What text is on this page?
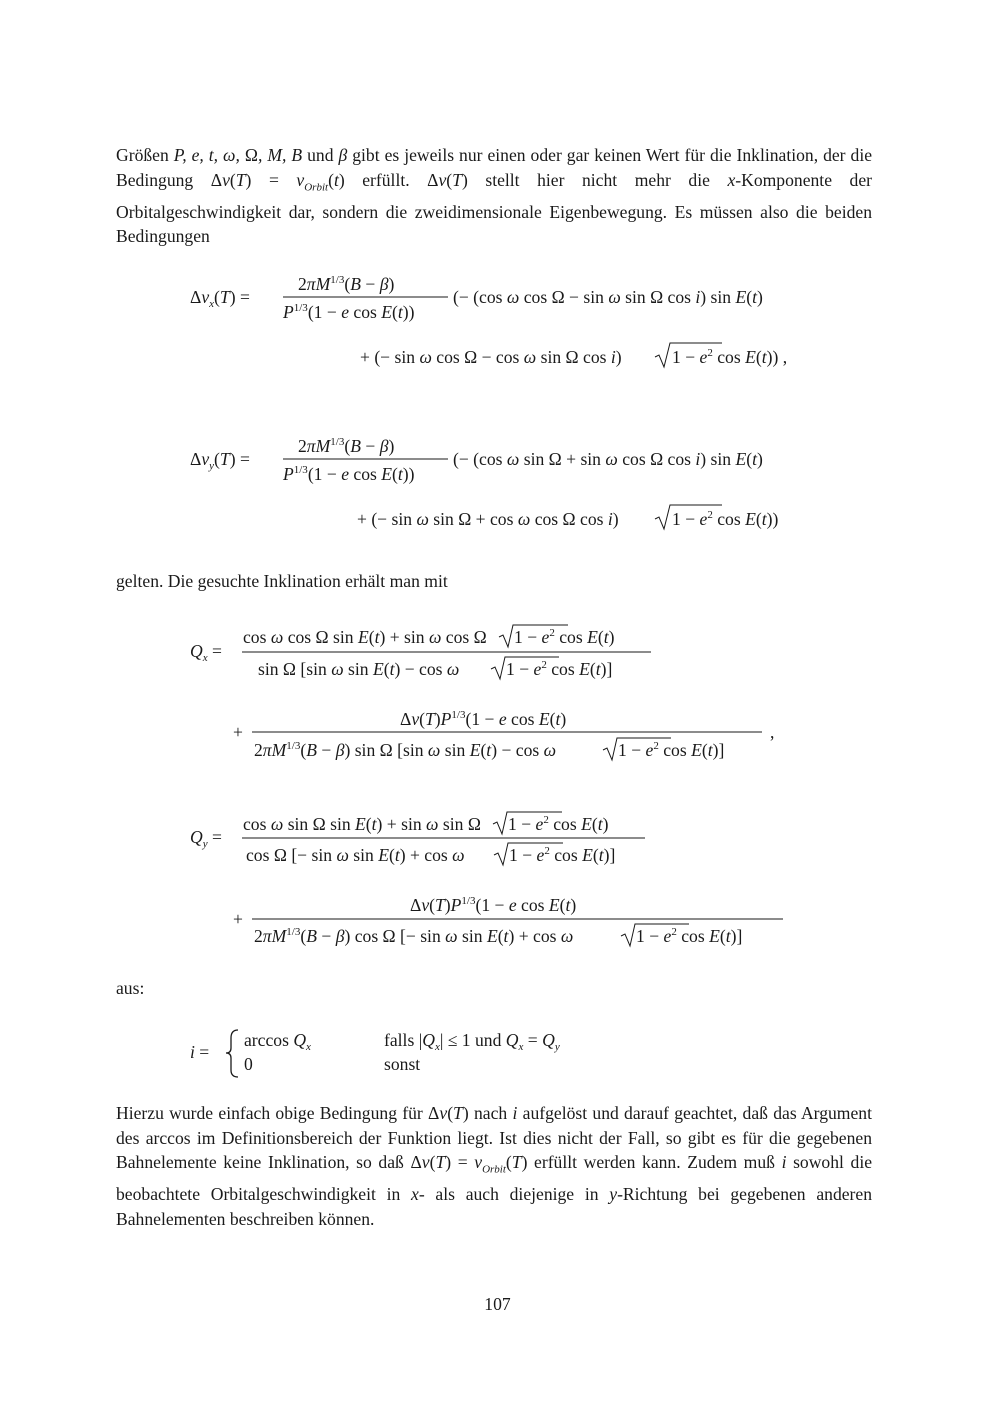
Größen P, e, t, ω, Ω, M, B und β gibt es jeweils nur einen oder gar keinen Wert für die Inklination, der die Bedingung $\Delta v(T) = v_{Orbit}(t)$ erfüllt. Δv(T) stellt hier nicht mehr die x-Komponente der Orbitalgeschwindigkeit dar, sondern die zweidimensionale Eigenbewegung. Es müssen also die beiden Bedingungen
$\Delta v_x(T)$ =
$2\pi M^{1/3}(B - \beta)$
$P^{1/3}(1 - e$ cos E(t))
(− (cos ω cos Ω − sin ω sin Ω cos i) sin E(t)
+ (− sin ω cos Ω − cos ω sin Ω cos i)	$1 - e^2$ cos E(t)) ,
$\Delta v_y(T)$ =
$2\pi M^{1/3}(B - \beta)$
$P^{1/3}(1 - e$ cos E(t))
(− (cos ω sin Ω + sin ω cos Ω cos i) sin E(t)
+ (− sin ω sin Ω + cos ω cos Ω cos i)	$1 - e^2$ cos E(t))
$Q_x$ =
cos ω cos Ω sin E(t) + sin ω cos Ω $1 - e^2$ cos E(t)
sin Ω [sin ω sin E(t) − cos ω	$1 - e^2$ cos E(t)]
+
$\Delta v(T)P^{1/3}(1 - e$ cos E(t)
$2\pi M^{1/3}(B - \beta)$ sin Ω [sin ω sin E(t) − cos ω	$1 - e^2$ cos E(t)]
,
$Q_y$ =
cos ω sin Ω sin E(t) + sin ω sin Ω $1 - e^2$ cos E(t)
cos Ω [− sin ω sin E(t) + cos ω	$1 - e^2$ cos E(t)]
+
$\Delta v(T)P^{1/3}(1 - e$ cos E(t)
$2\pi M^{1/3}(B - \beta)$ cos Ω [− sin ω sin E(t) + cos ω	$1 - e^2$ cos E(t)]
i =
$\arccos Q_x$	falls $|Q_x| \le 1$ und $Q_x = Q_y$
0	sonst
gelten. Die gesuchte Inklination erhält man mit
aus:
Hierzu wurde einfach obige Bedingung für Δv(T) nach i aufgelöst und darauf geachtet, daß das Argument des arccos im Definitionsbereich der Funktion liegt. Ist dies nicht der Fall, so gibt es für die gegebenen Bahnelemente keine Inklination, so daß $\Delta v(T) = v_{Orbit}(T)$ erfüllt werden kann. Zudem muß i sowohl die beobachtete Orbitalgeschwindigkeit in x- als auch diejenige in y-Richtung bei gegebenen anderen Bahnelementen beschreiben können.
107
